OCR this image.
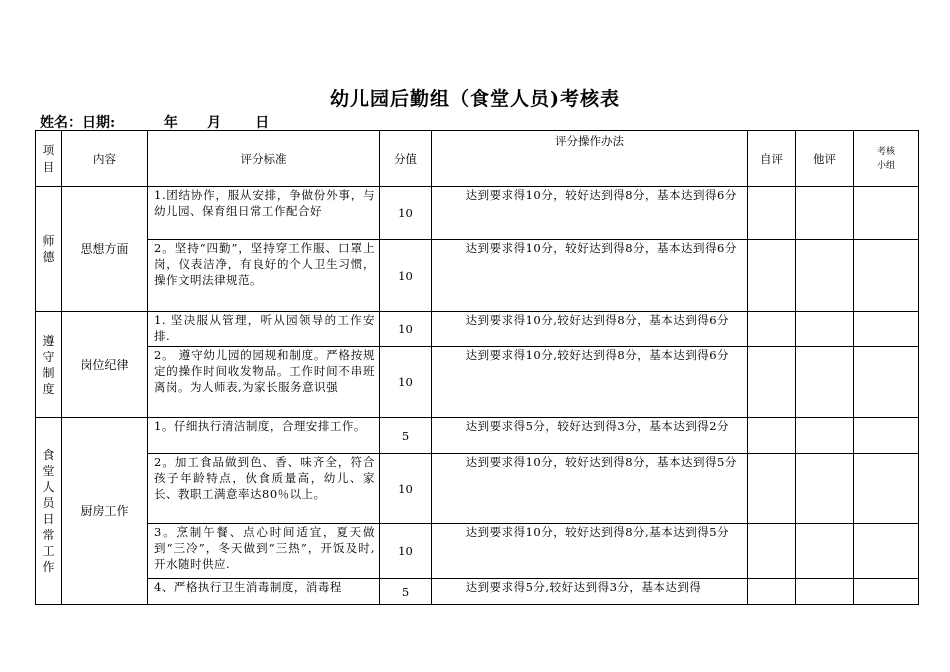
幼儿园后勤组（食堂人员)考核表
姓名：日期:	年 月 日
项目	内容	评分标准	分值	评分操作办法	自评	他评	考核小组

师德	思想方面	1.团结协作，服从安排，争做份外事，与幼儿园、保育组日常工作配合好	10	达到要求得10分，较好达到得8分，基本达到得6分			
		2。坚持“四勤”，坚持穿工作服、口罩上岗，仪表洁净，有良好的个人卫生习惯，操作文明法律规范。	10	达到要求得10分，较好达到得8分，基本达到得6分			

遵守制度	岗位纪律	1. 坚决服从管理，听从园领导的工作安排.	10	达到要求得10分,较好达到得8分，基本达到得6分			
		2。 遵守幼儿园的园规和制度。严格按规定的操作时间收发物品。工作时间不串班离岗。为人师表,为家长服务意识强	10	达到要求得10分,较好达到得8分，基本达到得6分			

食堂人员日常工作	厨房工作	1。仔细执行清洁制度，合理安排工作。	5	达到要求得5分，较好达到得3分，基本达到得2分			
		2。加工食品做到色、香、味齐全，符合孩子年龄特点，伙食质量高，幼儿、家长、教职工满意率达80％以上。	10	达到要求得10分，较好达到得8分，基本达到得5分			
		3。烹制午餐、点心时间适宜，夏天做到“三冷”，冬天做到“三热”，开饭及时,开水随时供应.	10	达到要求得10分，较好达到得8分,基本达到得5分			
		4、严格执行卫生消毒制度，消毒程	5	达到要求得5分,较好达到得3分，基本达到得			
